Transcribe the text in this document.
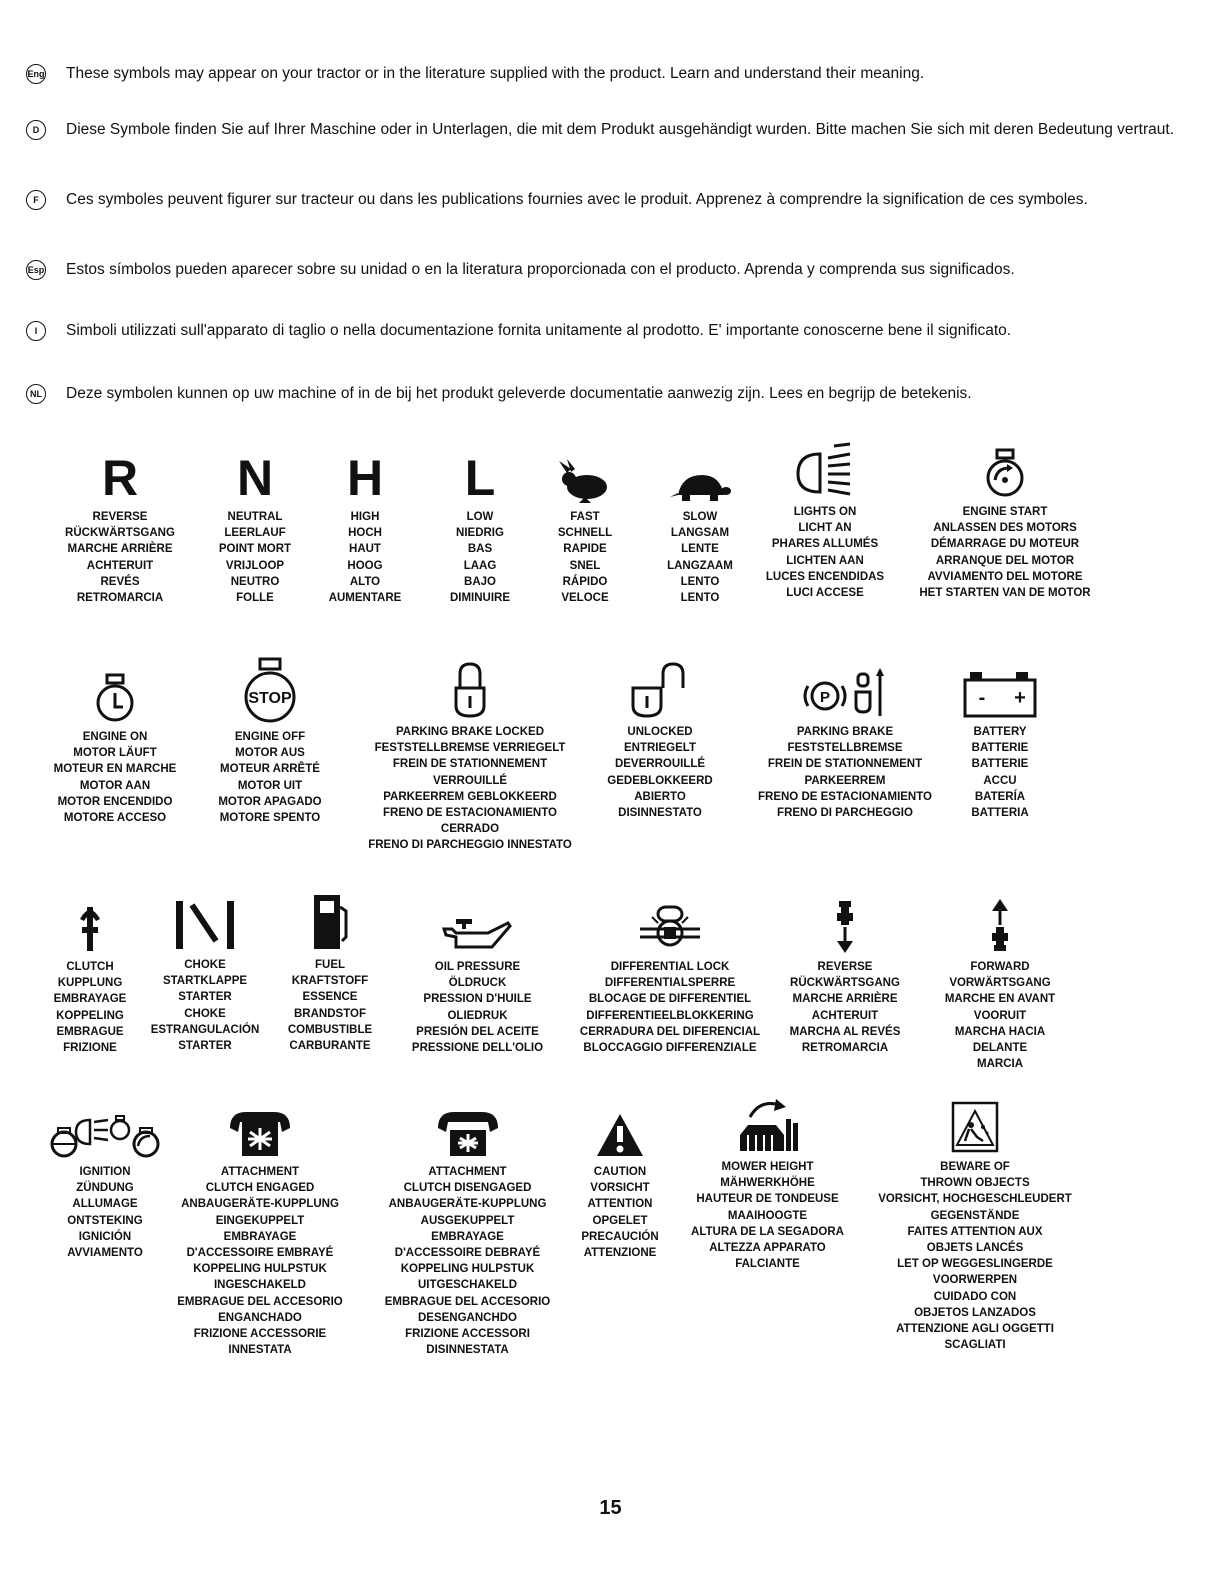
Eng These symbols may appear on your tractor or in the literature supplied with the product. Learn and understand their meaning.
D	Diese Symbole finden Sie auf Ihrer Maschine oder in Unterlagen, die mit dem Produkt ausgehändigt wurden. Bitte machen Sie sich mit deren Bedeutung vertraut.
F	Ces symboles peuvent figurer sur tracteur ou dans les publications fournies avec le produit. Apprenez à comprendre la signification de ces symboles.
Esp Estos símbolos pueden aparecer sobre su unidad o en la literatura proporcionada con el producto. Aprenda y comprenda sus significados.
I	Simboli utilizzati sull'apparato di taglio o nella documentazione fornita unitamente al prodotto. E' importante conoscerne bene il significato.
NL Deze symbolen kunnen op uw machine of in de bij het produkt geleverde documentatie aanwezig zijn. Lees en begrijp de betekenis.
R
REVERSE
RÜCKWÄRTSGANG
MARCHE ARRIÈRE
ACHTERUIT
REVÉS
RETROMARCIA
N
NEUTRAL
LEERLAUF
POINT MORT
VRIJLOOP
NEUTRO
FOLLE
H
HIGH
HOCH
HAUT
HOOG
ALTO
AUMENTARE
L
LOW
NIEDRIG
BAS
LAAG
BAJO
DIMINUIRE
FAST
SCHNELL
RAPIDE
SNEL
RÁPIDO
VELOCE
SLOW
LANGSAM
LENTE
LANGZAAM
LENTO
LENTO
LIGHTS ON
LICHT AN
PHARES ALLUMÉS
LICHTEN AAN
LUCES ENCENDIDAS
LUCI ACCESE
ENGINE START
ANLASSEN DES MOTORS
DÉMARRAGE DU MOTEUR
ARRANQUE DEL MOTOR
AVVIAMENTO DEL MOTORE
HET STARTEN VAN DE MOTOR
ENGINE ON
MOTOR LÄUFT
MOTEUR EN MARCHE
MOTOR AAN
MOTOR ENCENDIDO
MOTORE ACCESO
STOP
ENGINE OFF
MOTOR AUS
MOTEUR ARRÊTÉ
MOTOR UIT
MOTOR APAGADO
MOTORE SPENTO
PARKING BRAKE LOCKED
FESTSTELLBREMSE VERRIEGELT
FREIN DE STATIONNEMENT
VERROUILLÉ
PARKEERREM GEBLOKKEERD
FRENO DE ESTACIONAMIENTO
CERRADO
FRENO DI PARCHEGGIO INNESTATO
UNLOCKED
ENTRIEGELT
DEVERROUILLÉ
GEDEBLOKKEERD
ABIERTO
DISINNESTATO
P
PARKING BRAKE
FESTSTELLBREMSE
FREIN DE STATIONNEMENT
PARKEERREM
FRENO DE ESTACIONAMIENTO
FRENO DI PARCHEGGIO
- +
BATTERY
BATTERIE
BATTERIE
ACCU
BATERÍA
BATTERIA
CLUTCH
KUPPLUNG
EMBRAYAGE
KOPPELING
EMBRAGUE
FRIZIONE
CHOKE
STARTKLAPPE
STARTER
CHOKE
ESTRANGULACIÓN
STARTER
FUEL
KRAFTSTOFF
ESSENCE
BRANDSTOF
COMBUSTIBLE
CARBURANTE
OIL PRESSURE
ÖLDRUCK
PRESSION D'HUILE
OLIEDRUK
PRESIÓN DEL ACEITE
PRESSIONE DELL'OLIO
DIFFERENTIAL LOCK
DIFFERENTIALSPERRE
BLOCAGE DE DIFFERENTIEL
DIFFERENTIEELBLOKKERING
CERRADURA DEL DIFERENCIAL
BLOCCAGGIO DIFFERENZIALE
REVERSE
RÜCKWÄRTSGANG
MARCHE ARRIÈRE
ACHTERUIT
MARCHA AL REVÉS
RETROMARCIA
FORWARD
VORWÄRTSGANG
MARCHE EN AVANT
VOORUIT
MARCHA HACIA
DELANTE
MARCIA
IGNITION
ZÜNDUNG
ALLUMAGE
ONTSTEKING
IGNICIÓN
AVVIAMENTO
ATTACHMENT
CLUTCH ENGAGED
ANBAUGERÄTE-KUPPLUNG
EINGEKUPPELT
EMBRAYAGE
D'ACCESSOIRE EMBRAYÉ
KOPPELING HULPSTUK
INGESCHAKELD
EMBRAGUE DEL ACCESORIO
ENGANCHADO
FRIZIONE ACCESSORIE
INNESTATA
ATTACHMENT
CLUTCH DISENGAGED
ANBAUGERÄTE-KUPPLUNG
AUSGEKUPPELT
EMBRAYAGE
D'ACCESSOIRE DEBRAYÉ
KOPPELING HULPSTUK
UITGESCHAKELD
EMBRAGUE DEL ACCESORIO
DESENGANCHDO
FRIZIONE ACCESSORI
DISINNESTATA
CAUTION
VORSICHT
ATTENTION
OPGELET
PRECAUCIÓN
ATTENZIONE
MOWER HEIGHT
MÄHWERKHÖHE
HAUTEUR DE TONDEUSE
MAAIHOOGTE
ALTURA DE LA SEGADORA
ALTEZZA APPARATO
FALCIANTE
BEWARE OF
THROWN OBJECTS
VORSICHT, HOCHGESCHLEUDERT
GEGENSTÄNDE
FAITES ATTENTION AUX
OBJETS LANCÉS
LET OP WEGGESLINGERDE
VOORWERPEN
CUIDADO CON
OBJETOS LANZADOS
ATTENZIONE AGLI OGGETTI
SCAGLIATI
15
